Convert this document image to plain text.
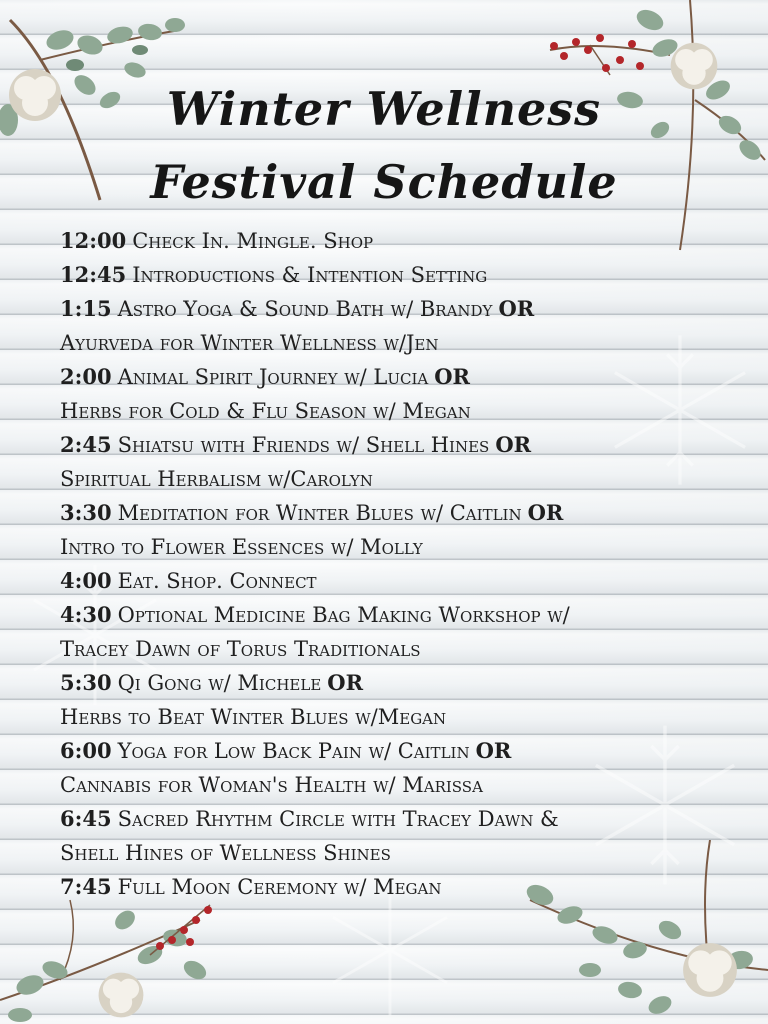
Winter Wellness
Festival Schedule
12:00 Check In. Mingle. Shop
12:45 Introductions & Intention Setting
1:15 Astro Yoga & Sound Bath w/ Brandy OR
Ayurveda for Winter Wellness w/Jen
2:00 Animal Spirit Journey w/ Lucia OR
Herbs for Cold & Flu Season w/ Megan
2:45 Shiatsu with Friends w/ Shell Hines OR
Spiritual Herbalism w/Carolyn
3:30 Meditation for Winter Blues w/ Caitlin OR
Intro to Flower Essences w/ Molly
4:00 Eat. Shop. Connect
4:30 Optional Medicine Bag Making Workshop w/
Tracey Dawn of Torus Traditionals
5:30 Qi Gong w/ Michele OR
Herbs to Beat Winter Blues w/Megan
6:00 Yoga for Low Back Pain w/ Caitlin OR
Cannabis for Woman's Health w/ Marissa
6:45 Sacred Rhythm Circle with Tracey Dawn &
Shell Hines of Wellness Shines
7:45 Full Moon Ceremony w/ Megan
